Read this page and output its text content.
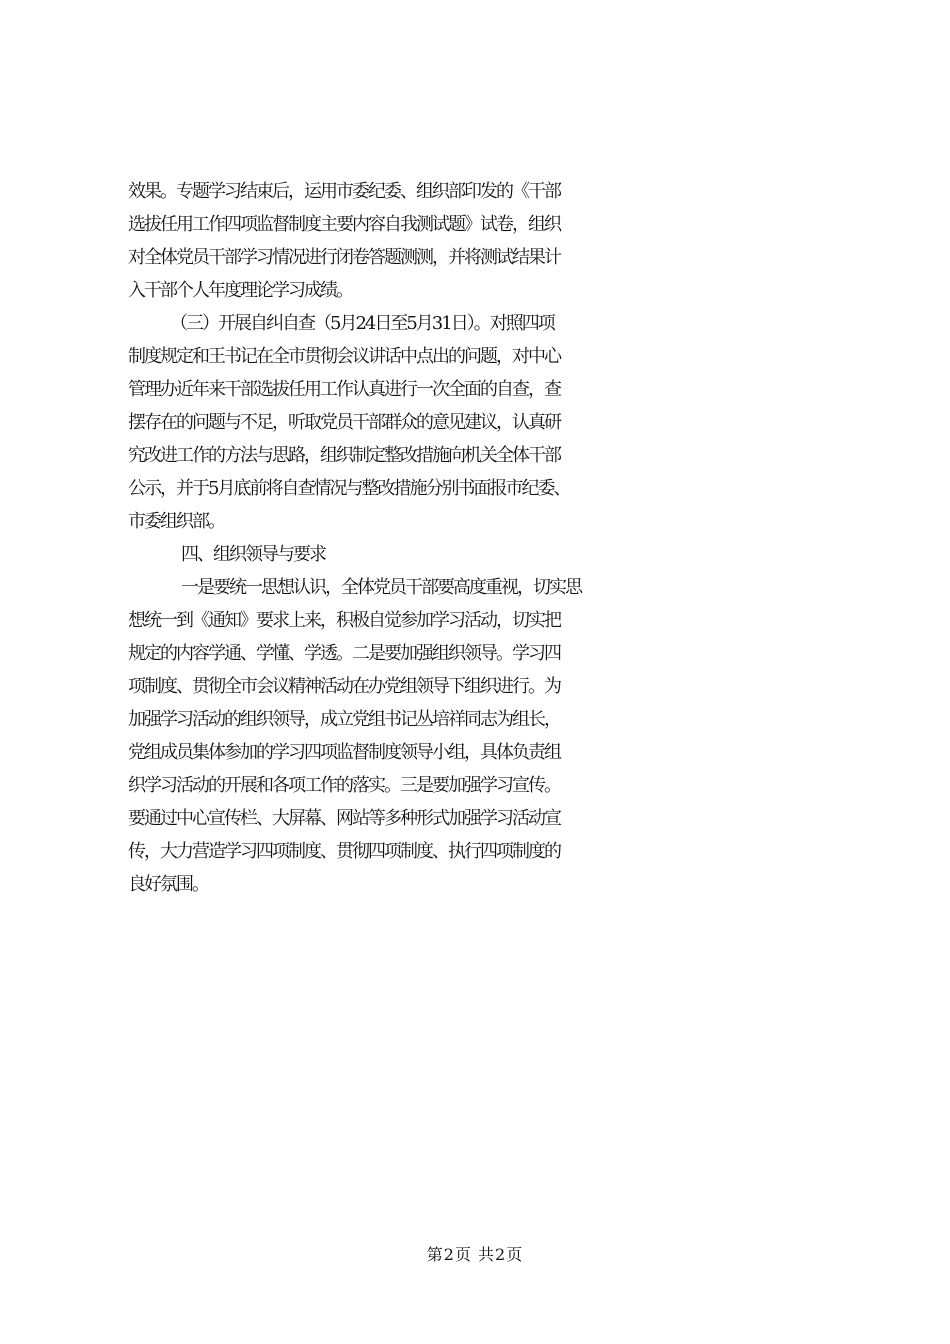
效果。专题学习结束后，运用市委纪委、组织部印发的《干部
选拔任用工作四项监督制度主要内容自我测试题》试卷，组织
对全体党员干部学习情况进行闭卷答题测测，并将测试结果计
入干部个人年度理论学习成绩。
（三）开展自纠自查（5月24日至5月31日）。对照四项
制度规定和王书记在全市贯彻会议讲话中点出的问题，对中心
管理办近年来干部选拔任用工作认真进行一次全面的自查，查
摆存在的问题与不足，听取党员干部群众的意见建议，认真研
究改进工作的方法与思路，组织制定整改措施向机关全体干部
公示，并于5月底前将自查情况与整改措施分别书面报市纪委、
市委组织部。
四、组织领导与要求
一是要统一思想认识，全体党员干部要高度重视，切实思
想统一到《通知》要求上来，积极自觉参加学习活动，切实把
规定的内容学通、学懂、学透。二是要加强组织领导。学习四
项制度、贯彻全市会议精神活动在办党组领导下组织进行。为
加强学习活动的组织领导，成立党组书记丛培祥同志为组长，
党组成员集体参加的学习四项监督制度领导小组，具体负责组
织学习活动的开展和各项工作的落实。三是要加强学习宣传。
要通过中心宣传栏、大屏幕、网站等多种形式加强学习活动宣
传，大力营造学习四项制度、贯彻四项制度、执行四项制度的
良好氛围。
第2页 共2页
